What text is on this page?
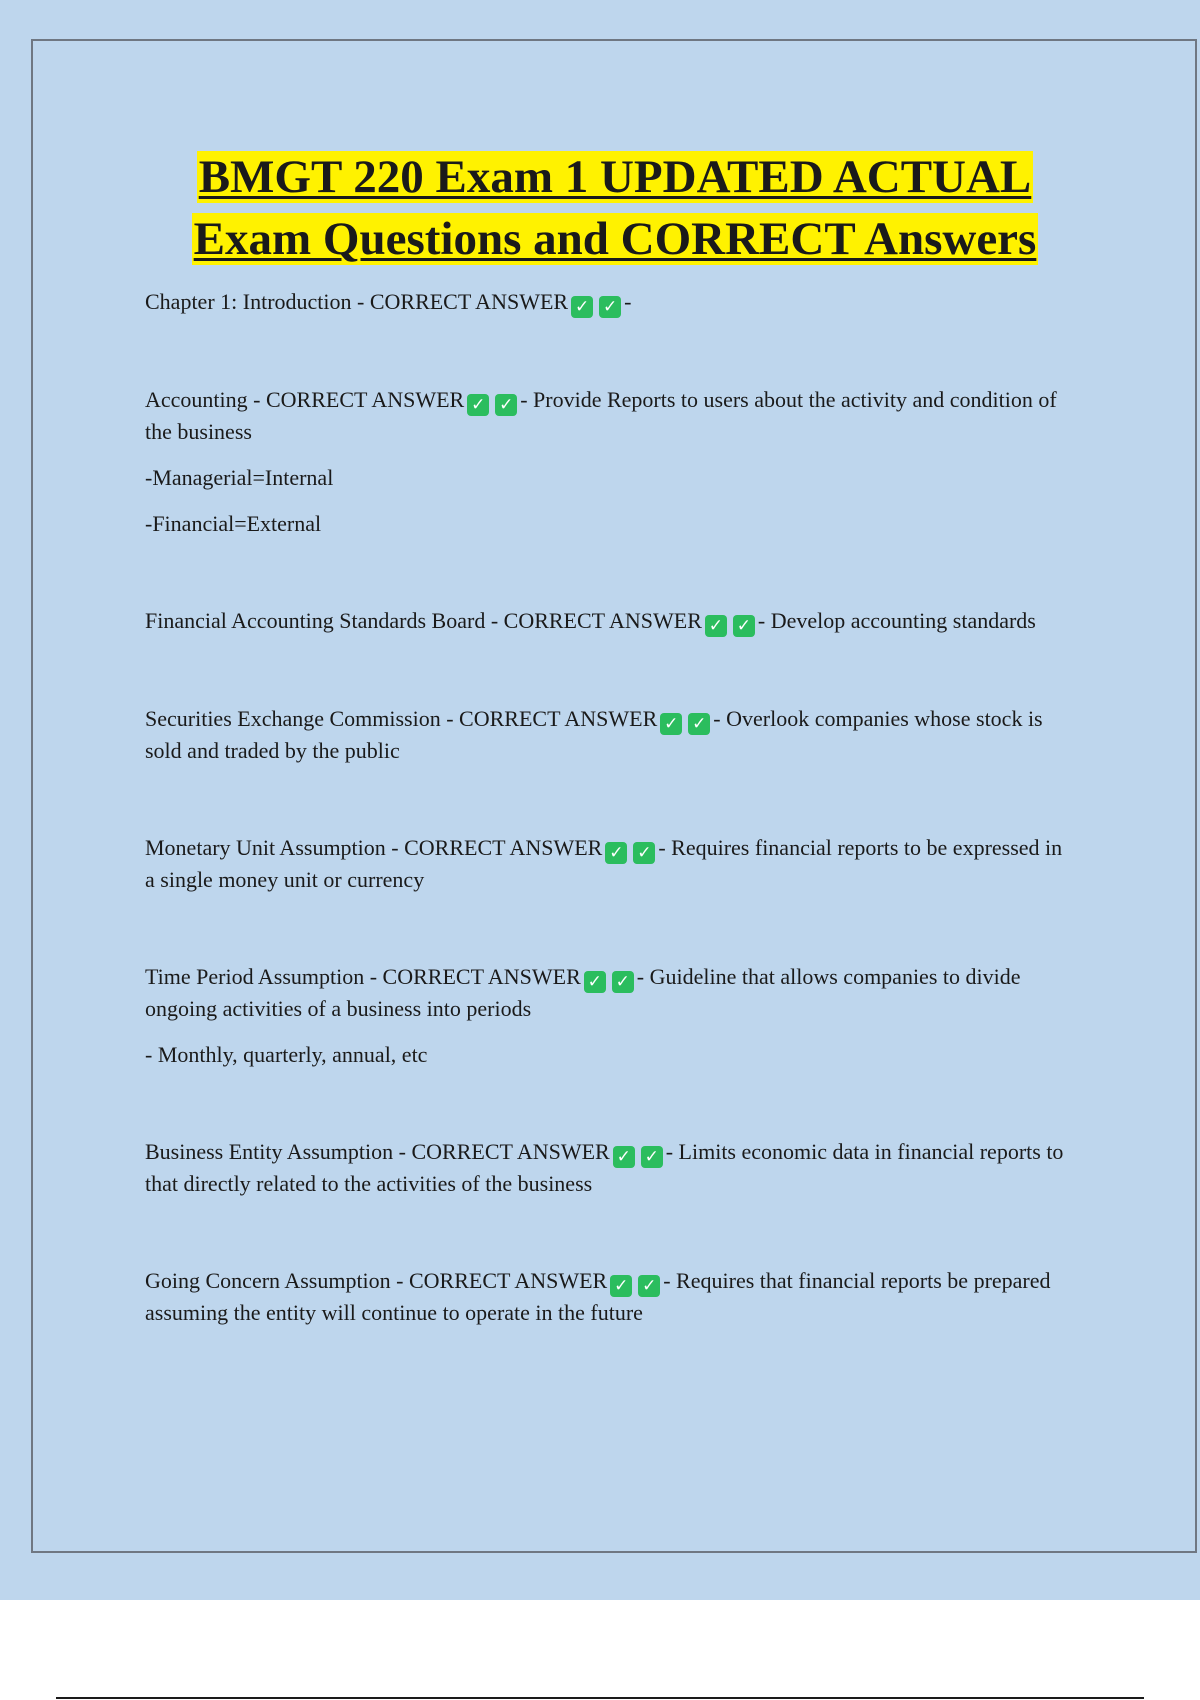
BMGT 220 Exam 1 UPDATED ACTUAL
Exam Questions and CORRECT Answers

Chapter 1: Introduction - CORRECT ANSWER ✓ ✓ -

Accounting - CORRECT ANSWER ✓ ✓ - Provide Reports to users about the activity and condition of the business

-Managerial=Internal

-Financial=External

Financial Accounting Standards Board - CORRECT ANSWER ✓ ✓ - Develop accounting standards

Securities Exchange Commission - CORRECT ANSWER ✓ ✓ - Overlook companies whose stock is sold and traded by the public

Monetary Unit Assumption - CORRECT ANSWER ✓ ✓ - Requires financial reports to be expressed in a single money unit or currency

Time Period Assumption - CORRECT ANSWER ✓ ✓ - Guideline that allows companies to divide ongoing activities of a business into periods

- Monthly, quarterly, annual, etc

Business Entity Assumption - CORRECT ANSWER ✓ ✓ - Limits economic data in financial reports to that directly related to the activities of the business

Going Concern Assumption - CORRECT ANSWER ✓ ✓ - Requires that financial reports be prepared assuming the entity will continue to operate in the future
